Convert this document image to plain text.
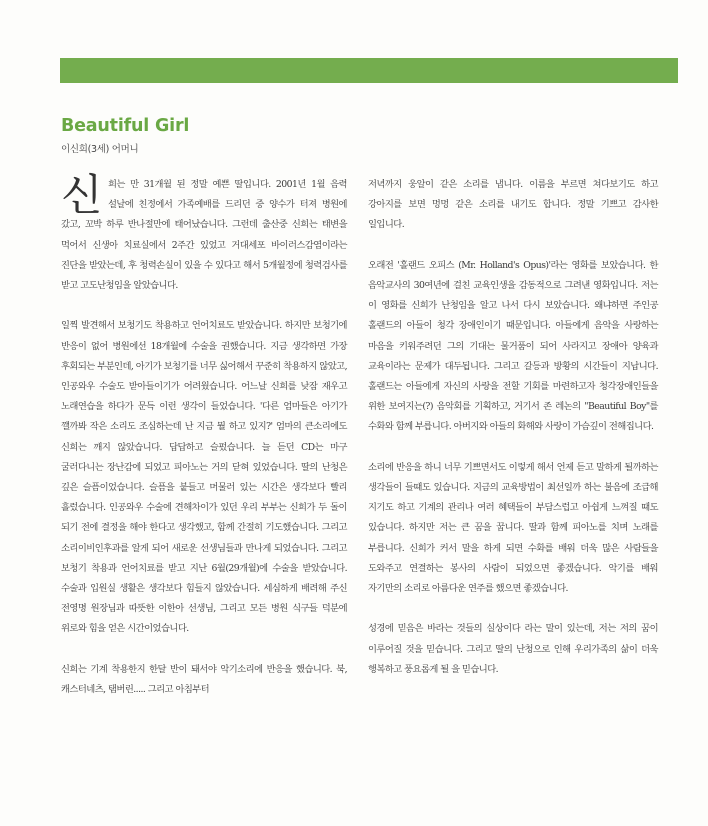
Beautiful Girl
이신희(3세) 어머니

신희는 만 31개월 된 정말 예쁜 딸입니다. 2001년 1월 음력 설날에 친정에서 가족예배를 드리던 중 양수가 터져 병원에 갔고, 꼬박 하루 반나절만에 태어났습니다. 그런데 출산중 신희는 태변을 먹어서 신생아 치료실에서 2주간 있었고 거대세포 바이러스감염이라는 진단을 받았는데, 후 청력손실이 있을 수 있다고 해서 5개월정에 청력검사를 받고 고도난청임을 알았습니다.

일찍 발견해서 보청기도 착용하고 언어치료도 받았습니다. 하지만 보청기에 반응이 없어 병원에선 18개월에 수술을 권했습니다. 지금 생각하면 가장 후회되는 부분인데, 아기가 보청기를 너무 싫어해서 꾸준히 착용하지 않았고, 인공와우 수술도 받아들이기가 어려웠습니다. 어느날 신희를 낮잠 재우고 노래연습을 하다가 문득 이런 생각이 들었습니다. '다른 엄마들은 아기가 깰까봐 작은 소리도 조심하는데 난 지금 뭘 하고 있지?' 엄마의 큰소리에도 신희는 깨지 않았습니다. 답답하고 슬펐습니다. 늘 듣던 CD는 마구 굴러다니는 장난감에 되었고 피아노는 거의 닫혀 있었습니다. 딸의 난청은 깊은 슬픔이었습니다. 슬픔을 붙들고 머물러 있는 시간은 생각보다 빨리 흘렀습니다. 인공와우 수술에 견해차이가 있던 우리 부부는 신희가 두 돌이 되기 전에 결정을 해야 한다고 생각했고, 함께 간절히 기도했습니다. 그리고 소리이비인후과를 알게 되어 새로운 선생님들과 만나게 되었습니다. 그리고 보청기 착용과 언어치료를 받고 지난 6월(29개월)에 수술을 받았습니다. 수술과 입원실 생활은 생각보다 힘들지 않았습니다. 세심하게 배려해 주신 전영명 원장님과 따뜻한 이한아 선생님, 그리고 모든 병원 식구들 덕분에 위로와 힘을 얻은 시간이었습니다.

신희는 기계 착용한지 한달 반이 돼서야 악기소리에 반응을 했습니다. 북, 캐스터네츠, 탬버린..... 그리고 아침부터

저녁까지 웅알이 같은 소리를 냅니다. 이름을 부르면 쳐다보기도 하고 강아지를 보면 멍멍 같은 소리를 내기도 합니다. 정말 기쁘고 감사한 일입니다.

오래전 '홀랜드 오피스 (Mr. Holland's Opus)'라는 영화를 보았습니다. 한 음악교사의 30여년에 걸친 교육인생을 감동적으로 그려낸 영화입니다. 저는 이 영화를 신희가 난청임을 알고 나서 다시 보았습니다. 왜냐하면 주인공 홀랜드의 아들이 청각 장애인이기 때문입니다. 아들에게 음악을 사랑하는 마음을 키워주려던 그의 기대는 물거품이 되어 사라지고 장애아 양육과 교육이라는 문제가 대두됩니다. 그리고 갈등과 방황의 시간들이 지납니다. 홀랜드는 아들에게 자신의 사랑을 전할 기회를 마련하고자 청각장애인들을 위한 보여지는(?) 음악회를 기획하고, 거기서 존 레논의 "Beautiful Boy"를 수화와 함께 부릅니다. 아버지와 아들의 화해와 사랑이 가슴깊이 전해집니다.

소리에 반응을 하니 너무 기쁘면서도 이렇게 해서 언제 듣고 말하게 될까하는 생각들이 들때도 있습니다. 지금의 교육방법이 최선일까 하는 불음에 조급해 지기도 하고 기계의 관리나 여러 혜택들이 부담스럽고 아쉽게 느껴질 때도 있습니다. 하지만 저는 큰 꿈을 꿉니다. 딸과 함께 피아노를 치며 노래를 부릅니다. 신희가 커서 말을 하게 되면 수화를 배워 더욱 많은 사람들을 도와주고 연결하는 봉사의 사람이 되었으면 좋겠습니다. 악기를 배워 자기만의 소리로 아름다운 연주를 했으면 좋겠습니다.

성경에 믿음은 바라는 것들의 실상이다 라는 말이 있는데, 저는 저의 꿈이 이루어질 것을 믿습니다. 그리고 딸의 난청으로 인해 우리가족의 삶이 더욱 행복하고 풍요롭게 될 을 믿습니다.
